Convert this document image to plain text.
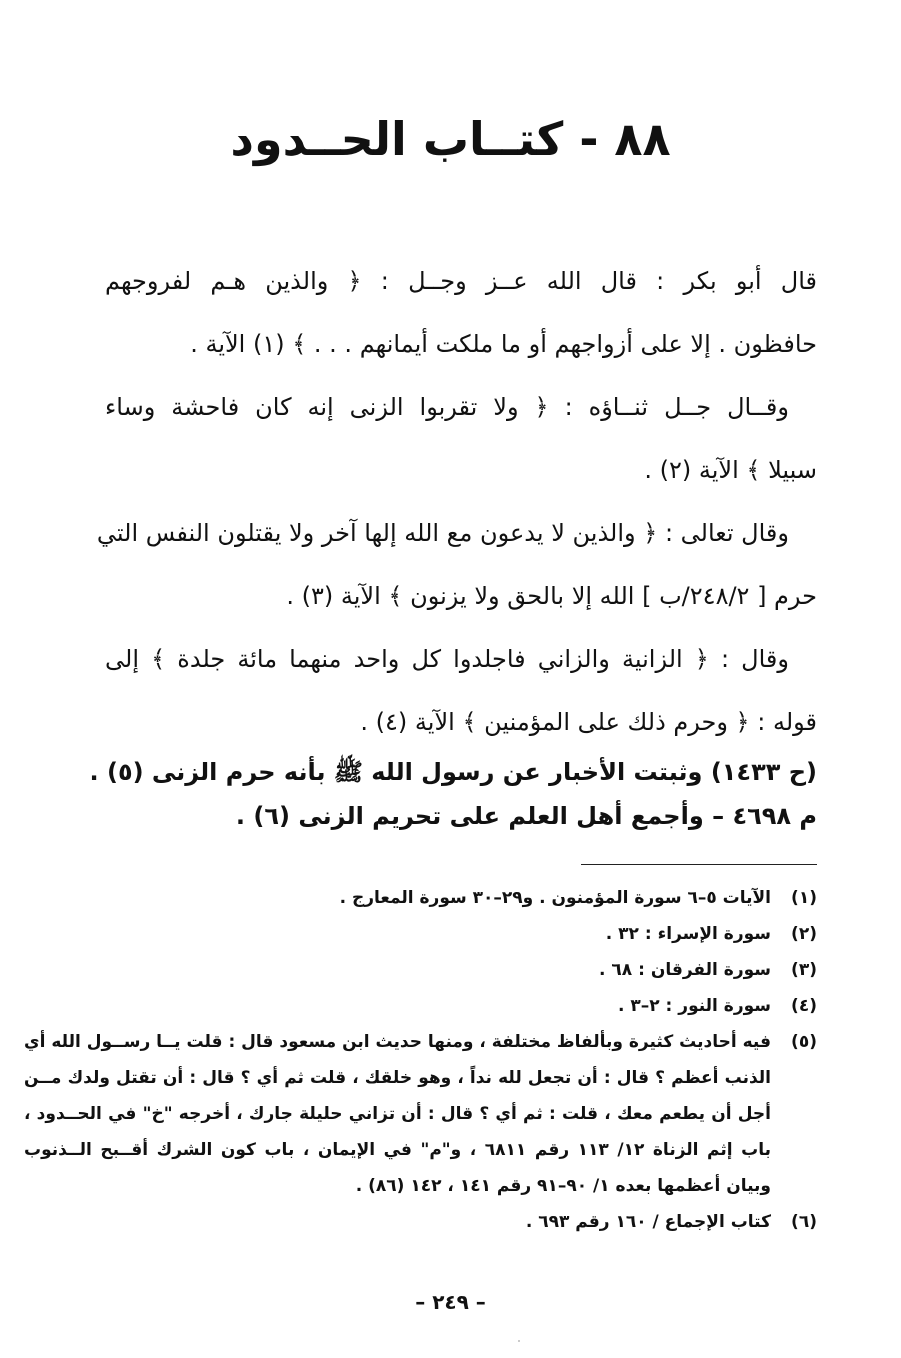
٨٨ - كتــاب الحــدود
قال أبو بكر : قال الله عــز وجــل : ﴿ والذين هـم لفروجهم
حافظون . إلا على أزواجهم أو ما ملكت أيمانهم . . . ﴾ (١) الآية .
وقــال جــل ثنــاؤه : ﴿ ولا تقربوا الزنى إنه كان فاحشة وساء
سبيلا ﴾ الآية (٢) .
وقال تعالى : ﴿ والذين لا يدعون مع الله إلها آخر ولا يقتلون النفس التي
حرم [ ٢٤٨/٢/ب ] الله إلا بالحق ولا يزنون ﴾ الآية (٣) .
وقال : ﴿ الزانية والزاني فاجلدوا كل واحد منهما مائة جلدة ﴾ إلى
قوله : ﴿ وحرم ذلك على المؤمنين ﴾ الآية (٤) .
(ح ١٤٣٣) وثبتت الأخبار عن رسول الله ﷺ بأنه حرم الزنى (٥) .
م ٤٦٩٨ – وأجمع أهل العلم على تحريم الزنى (٦) .
(١)
الآيات ٥–٦ سورة المؤمنون . و٢٩–٣٠ سورة المعارج .
(٢)
سورة الإسراء : ٣٢ .
(٣)
سورة الفرقان : ٦٨ .
(٤)
سورة النور : ٢–٣ .
(٥)
فيه أحاديث كثيرة وبألفاظ مختلفة ، ومنها حديث ابن مسعود قال : قلت يــا رســول الله أي
الذنب أعظم ؟ قال : أن تجعل لله نداً ، وهو خلقك ، قلت ثم أي ؟ قال : أن تقتل ولدك مــن
أجل أن يطعم معك ، قلت : ثم أي ؟ قال : أن تزاني حليلة جارك ، أخرجه "خ" في الحــدود ،
باب إثم الزناة ١٢/ ١١٣ رقم ٦٨١١ ، و"م" في الإيمان ، باب كون الشرك أقــبح الــذنوب
وبيان أعظمها بعده ١/ ٩٠–٩١ رقم ١٤١ ، ١٤٢ (٨٦) .
(٦)
كتاب الإجماع / ١٦٠ رقم ٦٩٣ .
– ٢٤٩ –
